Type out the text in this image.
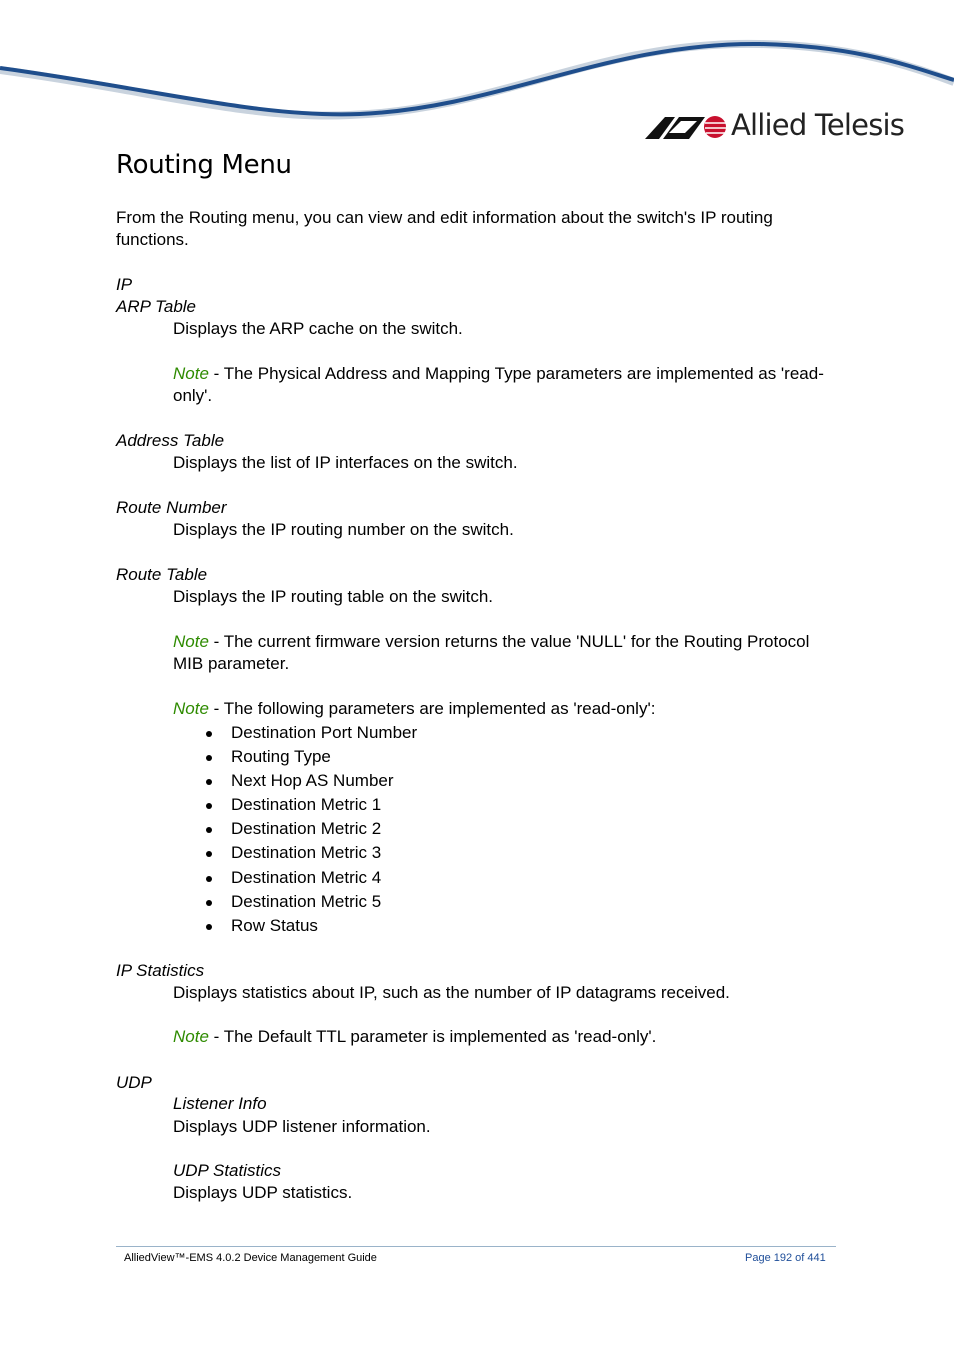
Allied Telesis
Routing Menu

From the Routing menu, you can view and edit information about the switch's IP routing functions.

IP

ARP Table

Displays the ARP cache on the switch.

Note - The Physical Address and Mapping Type parameters are implemented as 'read-only'.

Address Table

Displays the list of IP interfaces on the switch.

Route Number

Displays the IP routing number on the switch.

Route Table

Displays the IP routing table on the switch.

Note - The current firmware version returns the value 'NULL' for the Routing Protocol MIB parameter.

Note - The following parameters are implemented as 'read-only':

Destination Port Number
Routing Type
Next Hop AS Number
Destination Metric 1
Destination Metric 2
Destination Metric 3
Destination Metric 4
Destination Metric 5
Row Status

IP Statistics

Displays statistics about IP, such as the number of IP datagrams received.

Note - The Default TTL parameter is implemented as 'read-only'.

UDP

Listener Info

Displays UDP listener information.

UDP Statistics

Displays UDP statistics.

AlliedView™-EMS 4.0.2 Device Management Guide	Page 192 of 441
